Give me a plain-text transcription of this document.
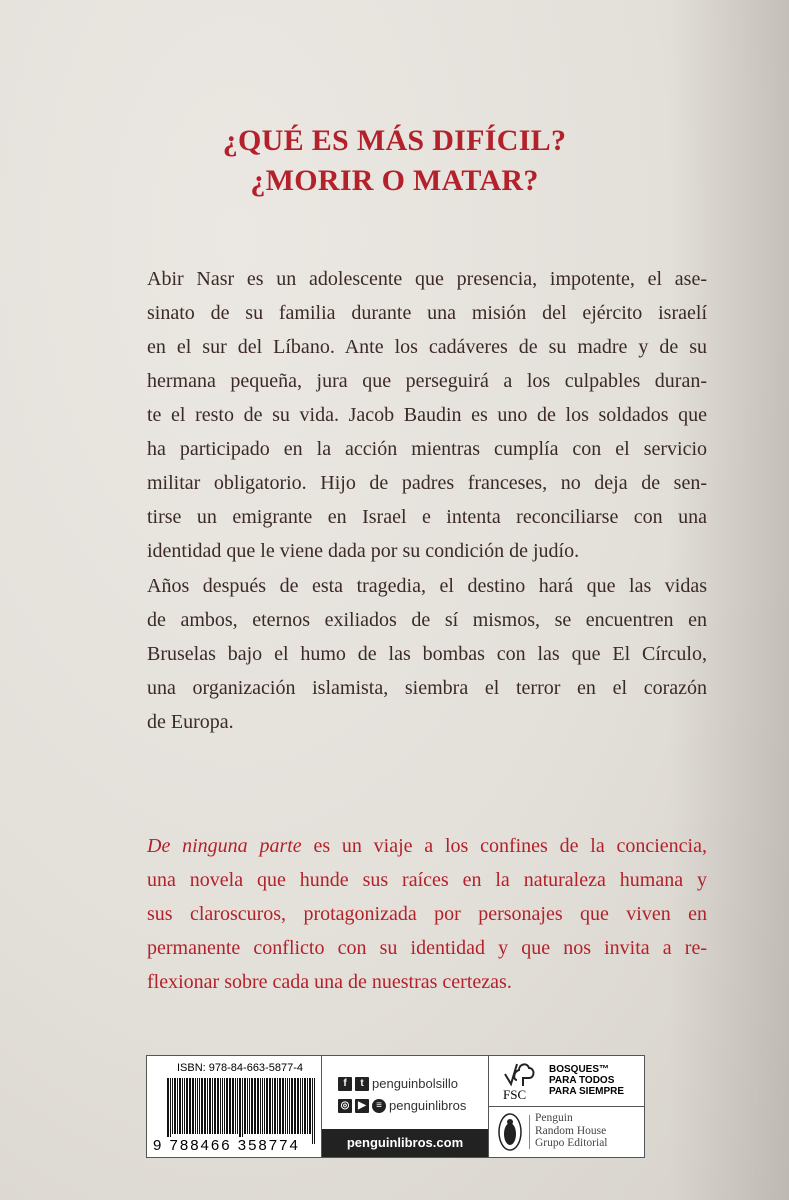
¿QUÉ ES MÁS DIFÍCIL?
¿MORIR O MATAR?
Abir Nasr es un adolescente que presencia, impotente, el ase-
sinato de su familia durante una misión del ejército israelí
en el sur del Líbano. Ante los cadáveres de su madre y de su
hermana pequeña, jura que perseguirá a los culpables duran-
te el resto de su vida. Jacob Baudin es uno de los soldados que
ha participado en la acción mientras cumplía con el servicio
militar obligatorio. Hijo de padres franceses, no deja de sen-
tirse un emigrante en Israel e intenta reconciliarse con una
identidad que le viene dada por su condición de judío.
Años después de esta tragedia, el destino hará que las vidas
de ambos, eternos exiliados de sí mismos, se encuentren en
Bruselas bajo el humo de las bombas con las que El Círculo,
una organización islamista, siembra el terror en el corazón
de Europa.
De ninguna parte es un viaje a los confines de la conciencia,
una novela que hunde sus raíces en la naturaleza humana y
sus claroscuros, protagonizada por personajes que viven en
permanente conflicto con su identidad y que nos invita a re-
flexionar sobre cada una de nuestras certezas.
ISBN: 978-84-663-5877-4
9 788466 358774
f	t penguinbolsillo
◎ ▶	≡ penguinlibros
penguinlibros.com
FSC
BOSQUES™
PARA TODOS
PARA SIEMPRE
Penguin
Random House
Grupo Editorial
